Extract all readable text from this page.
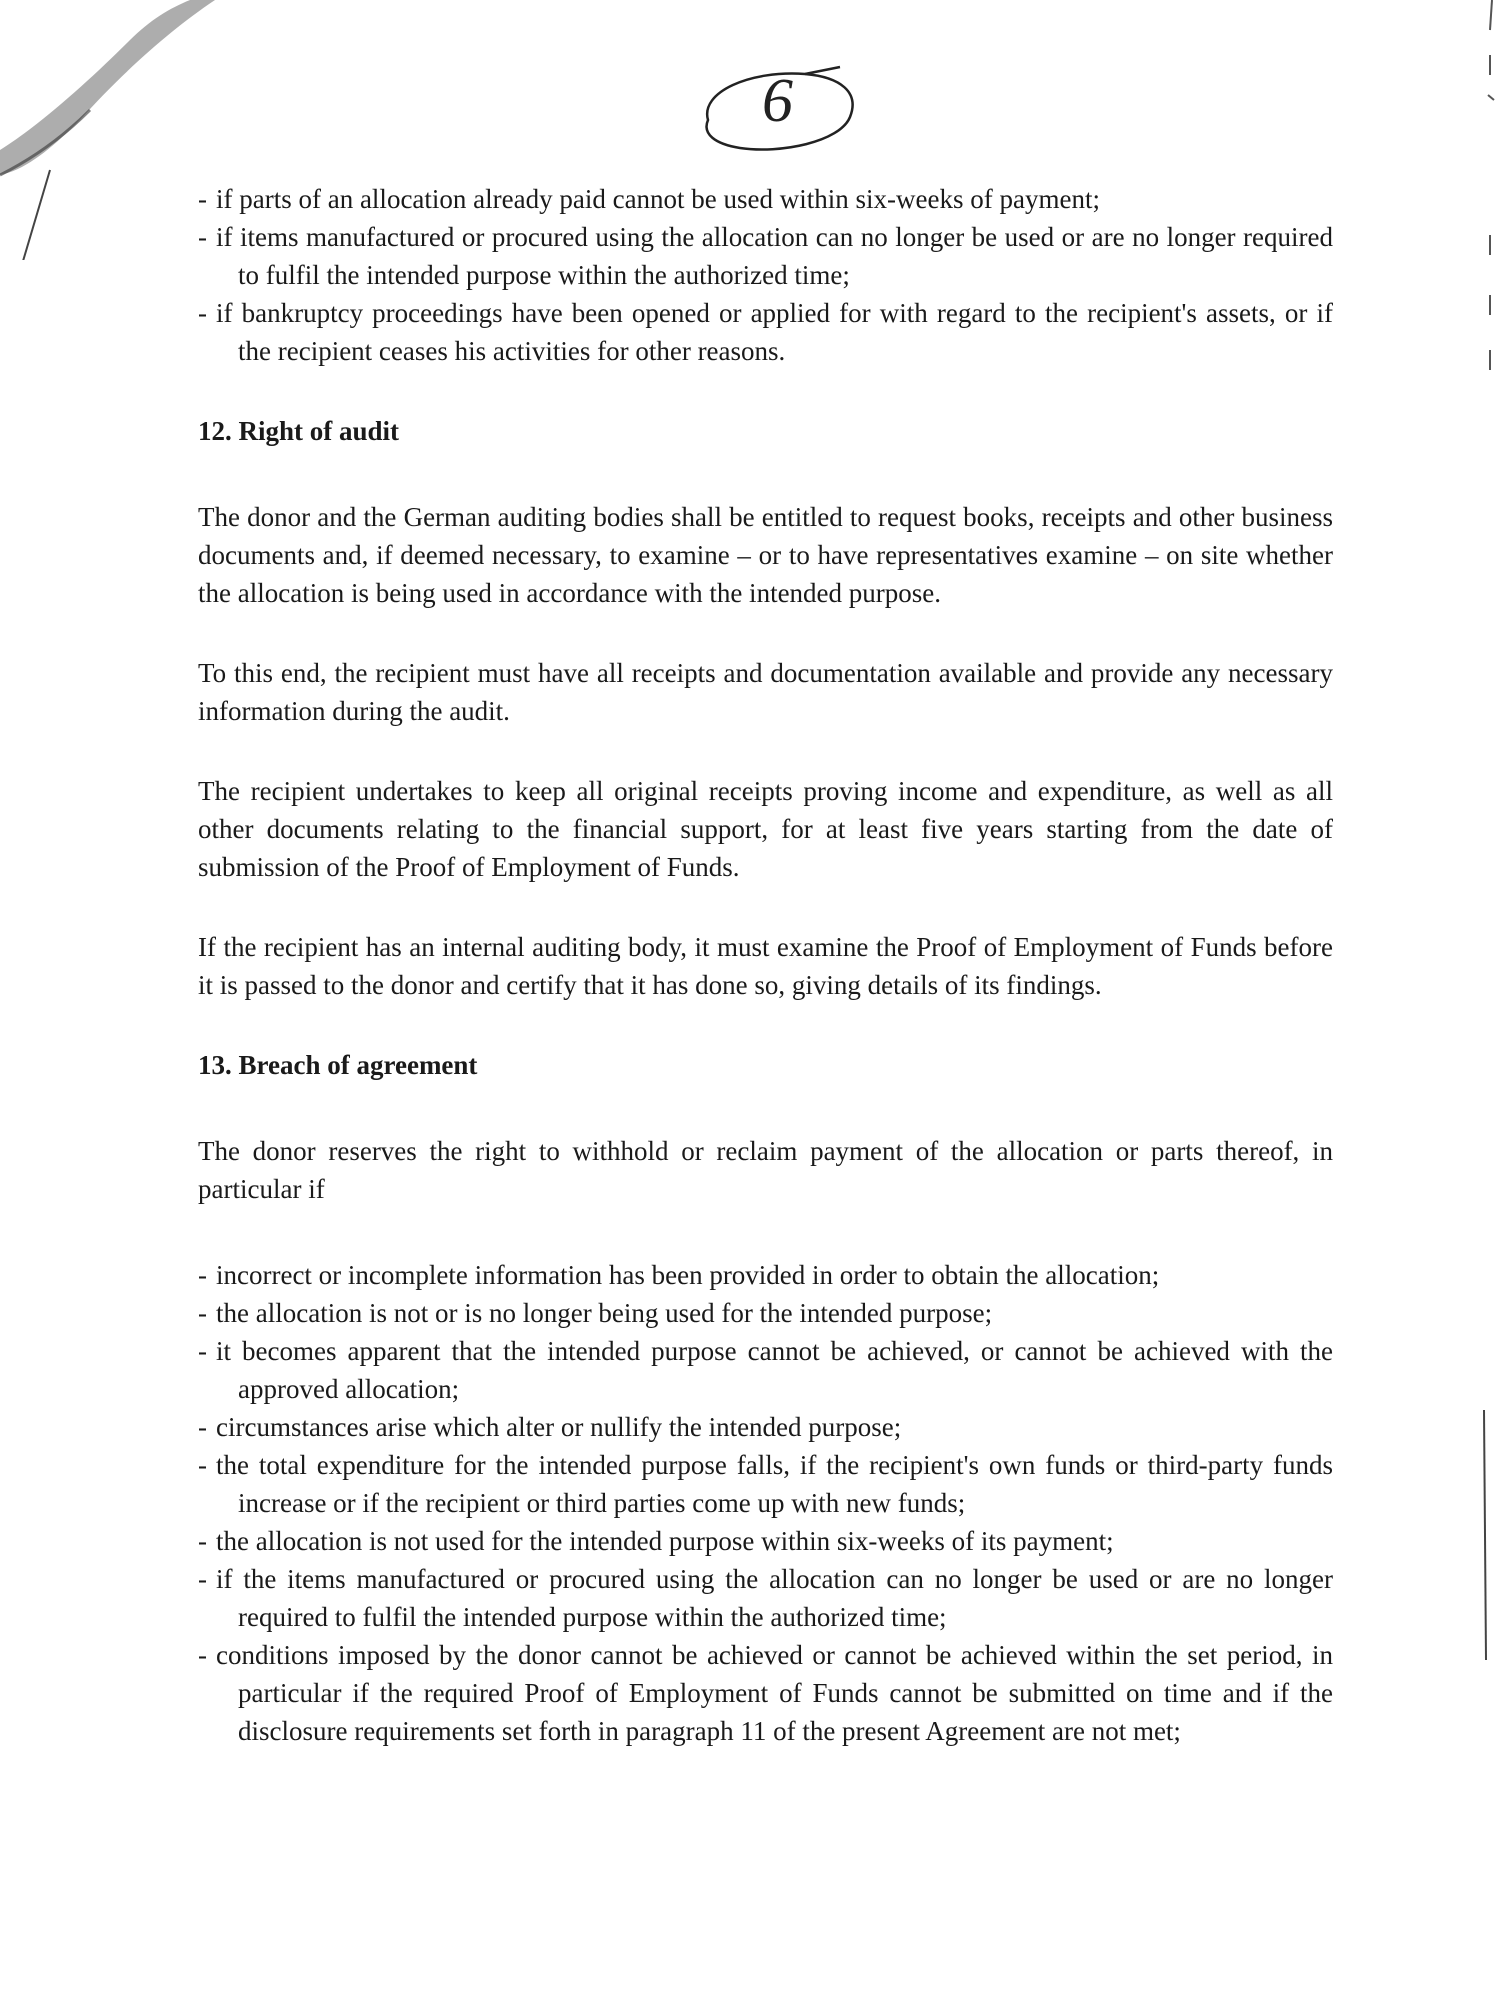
6

- if parts of an allocation already paid cannot be used within six-weeks of payment;

- if items manufactured or procured using the allocation can no longer be used or are no longer required to fulfil the intended purpose within the authorized time;

- if bankruptcy proceedings have been opened or applied for with regard to the recipient's assets, or if the recipient ceases his activities for other reasons.

12. Right of audit

The donor and the German auditing bodies shall be entitled to request books, receipts and other business documents and, if deemed necessary, to examine – or to have representatives examine – on site whether the allocation is being used in accordance with the intended purpose.

To this end, the recipient must have all receipts and documentation available and provide any necessary information during the audit.

The recipient undertakes to keep all original receipts proving income and expenditure, as well as all other documents relating to the financial support, for at least five years starting from the date of submission of the Proof of Employment of Funds.

If the recipient has an internal auditing body, it must examine the Proof of Employment of Funds before it is passed to the donor and certify that it has done so, giving details of its findings.

13. Breach of agreement

The donor reserves the right to withhold or reclaim payment of the allocation or parts thereof, in particular if

- incorrect or incomplete information has been provided in order to obtain the allocation;

- the allocation is not or is no longer being used for the intended purpose;

- it becomes apparent that the intended purpose cannot be achieved, or cannot be achieved with the approved allocation;

- circumstances arise which alter or nullify the intended purpose;

- the total expenditure for the intended purpose falls, if the recipient's own funds or third-party funds increase or if the recipient or third parties come up with new funds;

- the allocation is not used for the intended purpose within six-weeks of its payment;

- if the items manufactured or procured using the allocation can no longer be used or are no longer required to fulfil the intended purpose within the authorized time;

- conditions imposed by the donor cannot be achieved or cannot be achieved within the set period, in particular if the required Proof of Employment of Funds cannot be submitted on time and if the disclosure requirements set forth in paragraph 11 of the present Agreement are not met;
